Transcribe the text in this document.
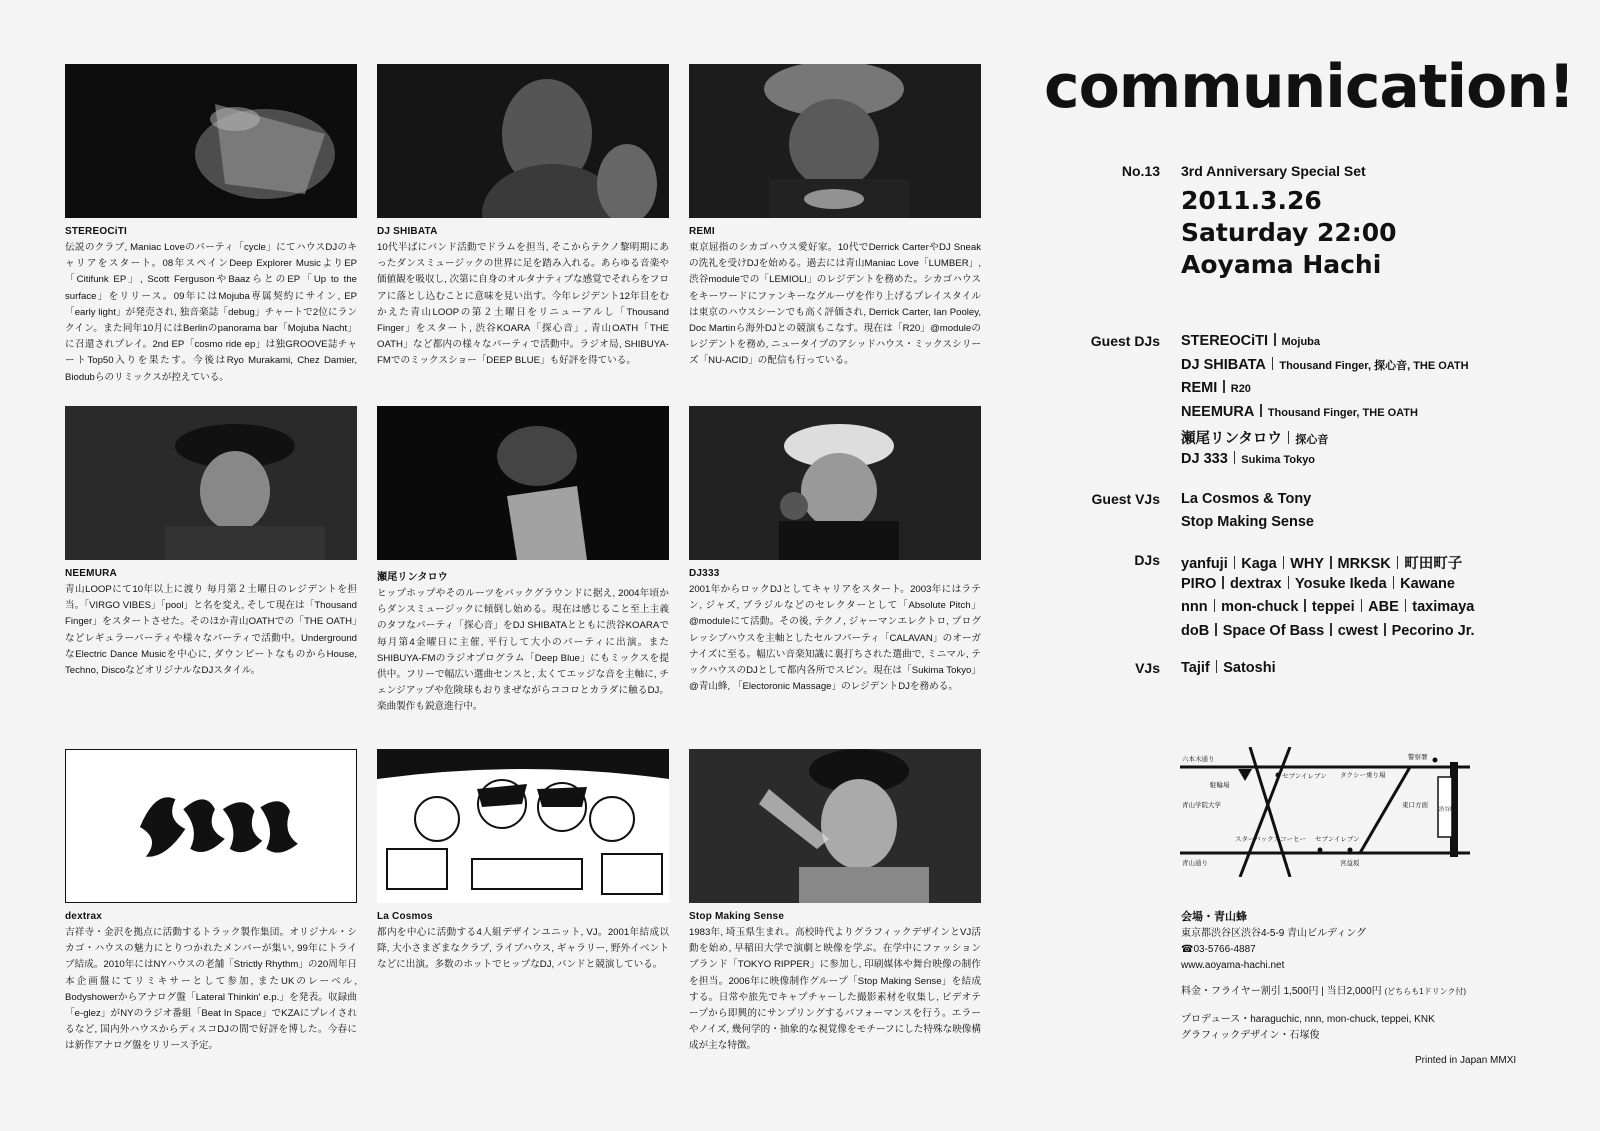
STEREOCiTI
伝説のクラブ, Maniac Loveのパーティ「cycle」にてハウスDJのキャリアをスタート。08年スペインDeep Explorer MusicよりEP「Citifunk EP」, Scott FergusonやBaazらとのEP「Up to the surface」をリリース。09年にはMojuba専属契約にサイン, EP「early light」が発売され, 独音楽誌「debug」チャートで2位にランクイン。また同年10月にはBerlinのpanorama bar「Mojuba Nacht」に召還されプレイ。2nd EP「cosmo ride ep」は独GROOVE誌チャートTop50入りを果たす。今後はRyo Murakami, Chez Damier, Biodubらのリミックスが控えている。
DJ SHIBATA
10代半ばにバンド活動でドラムを担当, そこからテクノ黎明期にあったダンスミュージックの世界に足を踏み入れる。あらゆる音楽や価値観を吸収し, 次第に自身のオルタナティブな感覚でそれらをフロアに落とし込むことに意味を見い出す。今年レジデント12年目をむかえた青山LOOPの第２土曜日をリニューアルし「Thousand Finger」をスタート, 渋谷KOARA「探心音」, 青山OATH「THE OATH」など都内の様々なパーティで活動中。ラジオ局, SHIBUYA-FMでのミックスショー「DEEP BLUE」も好評を得ている。
REMI
東京屈指のシカゴハウス愛好家。10代でDerrick CarterやDJ Sneakの洗礼を受けDJを始める。過去には青山Maniac Love「LUMBER」, 渋谷moduleでの「LEMIOLI」のレジデントを務めた。シカゴハウスをキーワードにファンキーなグルーヴを作り上げるプレイスタイルは東京のハウスシーンでも高く評価され, Derrick Carter, Ian Pooley, Doc Martinら海外DJとの競演もこなす。現在は「R20」@moduleのレジデントを務め, ニュータイプのアシッドハウス・ミックスシリーズ「NU-ACID」の配信も行っている。
NEEMURA
青山LOOPにて10年以上に渡り 毎月第２土曜日のレジデントを担当。「VIRGO VIBES」「pool」と名を変え, そして現在は「Thousand Finger」をスタートさせた。そのほか青山OATHでの「THE OATH」などレギュラーパーティや様々なパーティで活動中。UndergroundなElectric Dance Musicを中心に, ダウンビートなものからHouse, Techno, DiscoなどオリジナルなDJスタイル。
瀬尾リンタロウ
ヒップホップやそのルーツをバックグラウンドに据え, 2004年頃からダンスミュージックに傾倒し始める。現在は感じること至上主義のタフなパーティ「探心音」をDJ SHIBATAとともに渋谷KOARAで毎月第4金曜日に主催, 平行して大小のパーティに出演。またSHIBUYA-FMのラジオプログラム「Deep Blue」にもミックスを提供中。フリーで幅広い選曲センスと, 太くてエッジな音を主軸に, チェンジアップや危険球もおりまぜながらココロとカラダに触るDJ。楽曲製作も鋭意進行中。
DJ333
2001年からロックDJとしてキャリアをスタート。2003年にはラテン, ジャズ, ブラジルなどのセレクターとして「Absolute Pitch」@moduleにて活動。その後, テクノ, ジャーマンエレクトロ, プログレッシブハウスを主軸としたセルフパーティ「CALAVAN」のオーガナイズに至る。幅広い音楽知識に裏打ちされた選曲で, ミニマル, テックハウスのDJとして都内各所でスピン。現在は「Sukima Tokyo」@青山蜂, 「Electoronic Massage」のレジデントDJを務める。
dextrax
吉祥寺・金沢を拠点に活動するトラック製作集団。オリジナル・シカゴ・ハウスの魅力にとりつかれたメンバーが集い, 99年にトライブ結成。2010年にはNYハウスの老舗「Strictly Rhythm」の20周年日本企画盤にてリミキサーとして参加, またUKのレーベル, Bodyshowerからアナログ盤「Lateral Thinkin' e.p.」を発表。収録曲「e-glez」がNYのラジオ番組「Beat In Space」でKZAにプレイされるなど, 国内外ハウスからディスコDJの間で好評を博した。今春には新作アナログ盤をリリース予定。
La Cosmos
都内を中心に活動する4人組デザインユニット, VJ。2001年結成以降, 大小さまざまなクラブ, ライブハウス, ギャラリー, 野外イベントなどに出演。多数のホットでヒップなDJ, バンドと競演している。
Stop Making Sense
1983年, 埼玉県生まれ。高校時代よりグラフィックデザインとVJ活動を始め, 早稲田大学で演劇と映像を学ぶ。在学中にファッションブランド「TOKYO RIPPER」に参加し, 印刷媒体や舞台映像の制作を担当。2006年に映像制作グループ「Stop Making Sense」を結成する。日常や旅先でキャプチャーした撮影素材を収集し, ビデオテープから即興的にサンプリングするパフォーマンスを行う。エラーやノイズ, 幾何学的・抽象的な視覚像をモチーフにした特殊な映像構成が主な特徴。
communication!
No.13 3rd Anniversary Special Set
2011.3.26
Saturday 22:00
Aoyama Hachi
Guest DJs STEREOCiTI Mojuba
DJ SHIBATA Thousand Finger, 探心音, THE OATH
REMI R20
NEEMURA Thousand Finger, THE OATH
瀬尾リンタロウ 探心音
DJ 333 Sukima Tokyo
Guest VJs La Cosmos & Tony
Stop Making Sense
DJs yanfuji Kaga WHY MRKSK 町田町子
PIRO dextrax Yosuke Ikeda Kawane
nnn mon-chuck teppei ABE taximaya
doB Space Of Bass cwest Pecorino Jr.
VJs Tajif Satoshi
六本木通り	警察署
セブンイレブン タクシー乗り場
駐輪場
青山学院大学
スターバックスコーヒー セブンイレブン
東口方面
渋谷駅
青山通り	宮益坂
会場・青山蜂
東京都渋谷区渋谷4-5-9 青山ビルディング
☎03-5766-4887
www.aoyama-hachi.net
料金・フライヤー割引 1,500円 | 当日2,000円 (どちらも1ドリンク付)
プロデュース・haraguchic, nnn, mon-chuck, teppei, KNK
グラフィックデザイン・石塚俊
Printed in Japan MMXI
